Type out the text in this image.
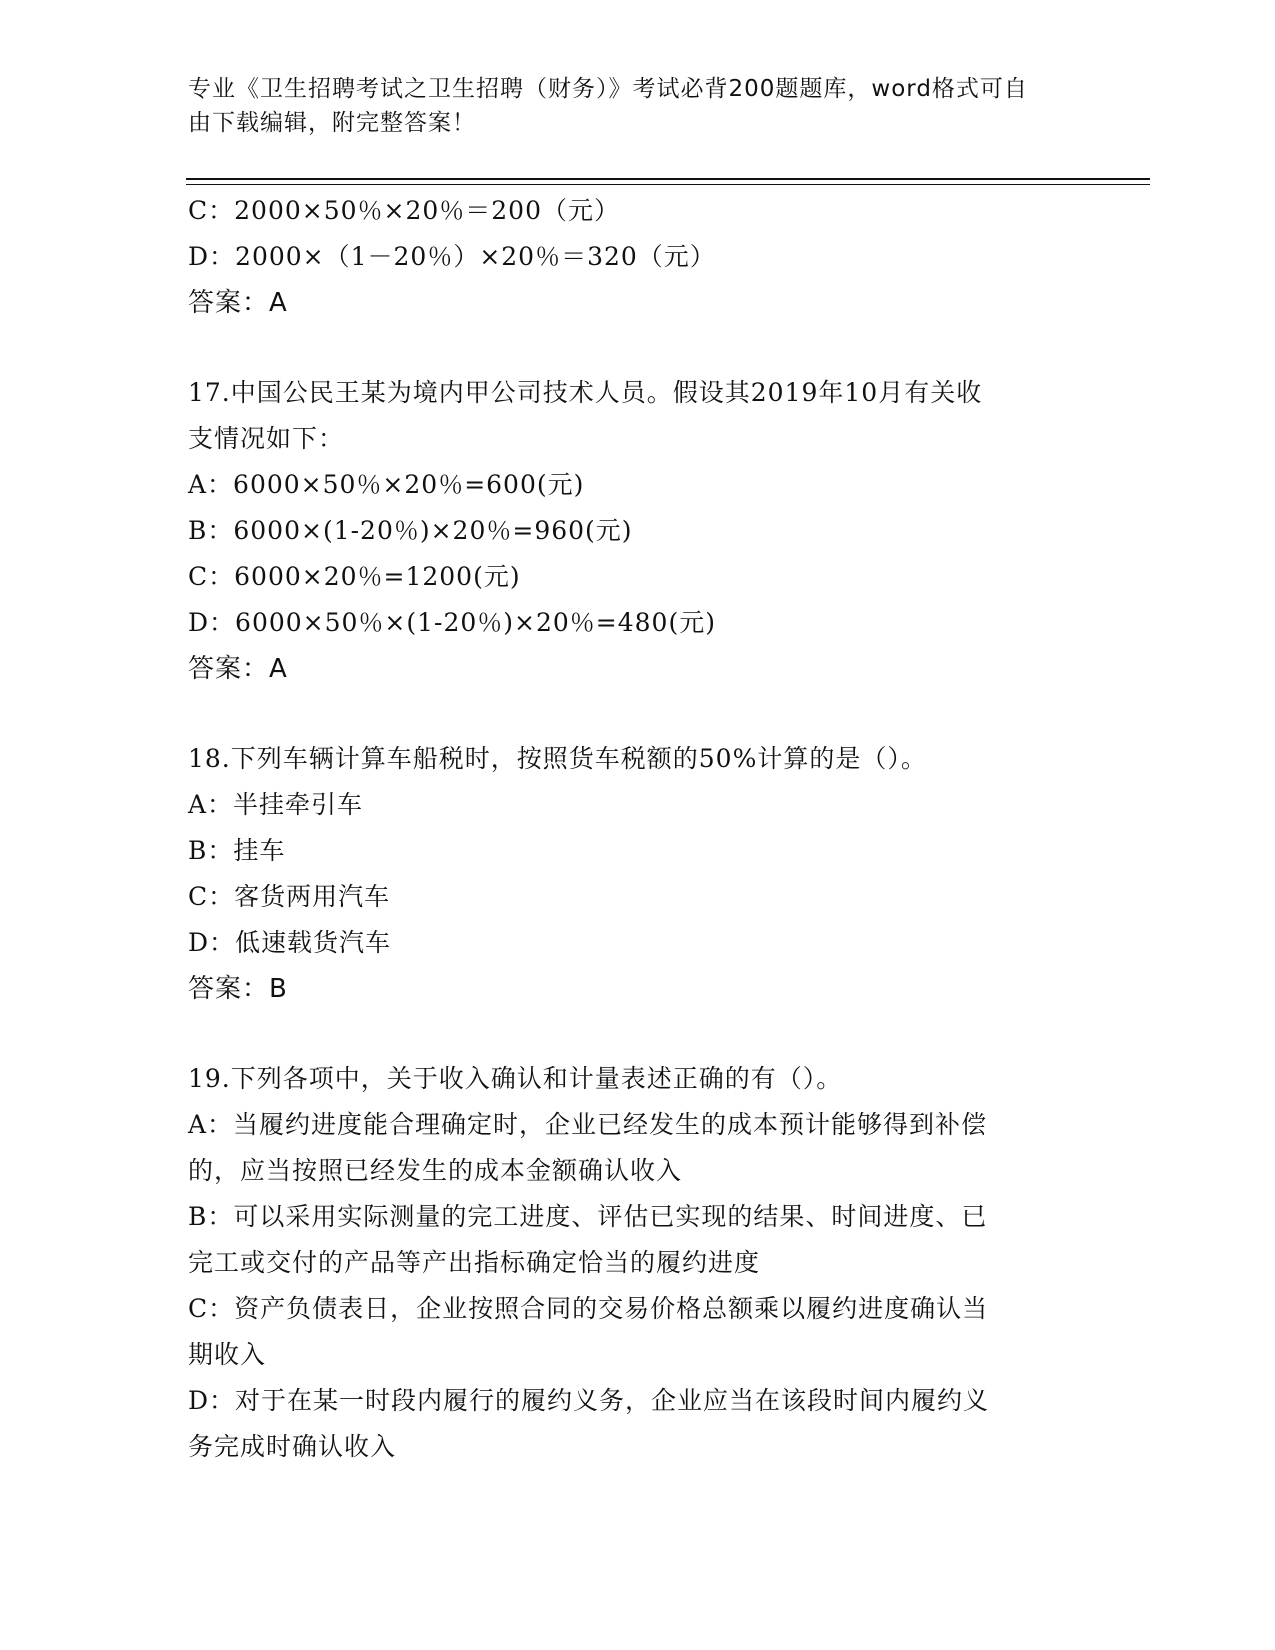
专业《卫生招聘考试之卫生招聘（财务）》考试必背200题题库，word格式可自
由下载编辑，附完整答案！
C：2000×50％×20％＝200（元）
D：2000×（1－20％）×20％＝320（元）
答案：A
17.中国公民王某为境内甲公司技术人员。假设其2019年10月有关收
支情况如下：
A：6000×50％×20％=600(元)
B：6000×(1-20％)×20％=960(元)
C：6000×20％=1200(元)
D：6000×50％×(1-20％)×20％=480(元)
答案：A
18.下列车辆计算车船税时，按照货车税额的50%计算的是（）。
A：半挂牵引车
B：挂车
C：客货两用汽车
D：低速载货汽车
答案：B
19.下列各项中，关于收入确认和计量表述正确的有（）。
A：当履约进度能合理确定时，企业已经发生的成本预计能够得到补偿
的，应当按照已经发生的成本金额确认收入
B：可以采用实际测量的完工进度、评估已实现的结果、时间进度、已
完工或交付的产品等产出指标确定恰当的履约进度
C：资产负债表日，企业按照合同的交易价格总额乘以履约进度确认当
期收入
D：对于在某一时段内履行的履约义务，企业应当在该段时间内履约义
务完成时确认收入
